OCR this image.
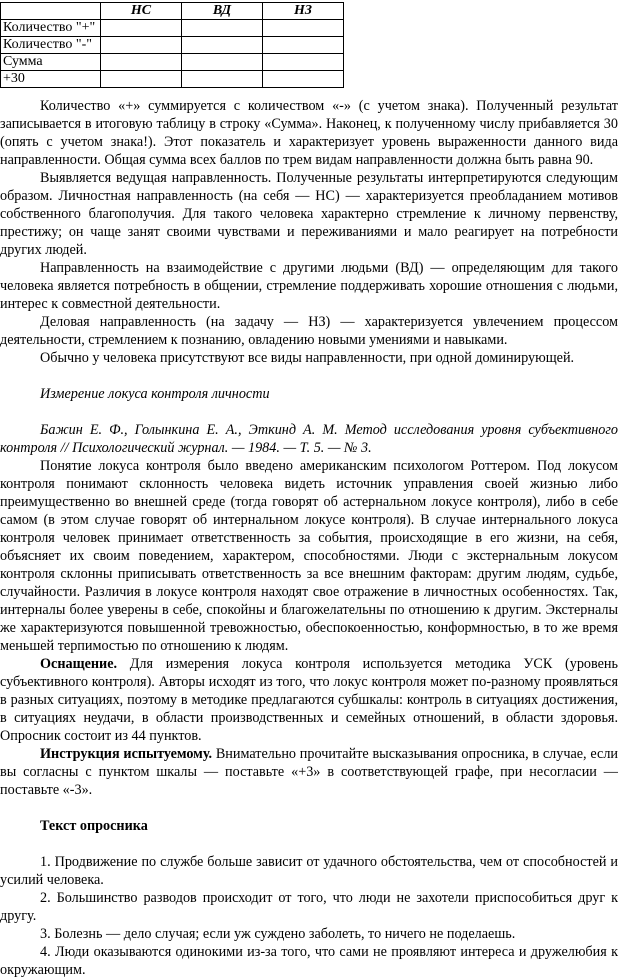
	НС	ВД	НЗ
Количество "+"			
Количество "-"			
Сумма			
+30			

Количество «+» суммируется с количеством «-» (с учетом знака). Полученный результат записывается в итоговую таблицу в строку «Сумма». Наконец, к полученному числу прибавляется 30 (опять с учетом знака!). Этот показатель и характеризует уровень выраженности данного вида направленности. Общая сумма всех баллов по трем видам направленности должна быть равна 90.

Выявляется ведущая направленность. Полученные результаты интерпретируются следующим образом. Личностная направленность (на себя — НС) — характеризуется преобладанием мотивов собственного благополучия. Для такого человека характерно стремление к личному первенству, престижу; он чаще занят своими чувствами и переживаниями и мало реагирует на потребности других людей.

Направленность на взаимодействие с другими людьми (ВД) — определяющим для такого человека является потребность в общении, стремление поддерживать хорошие отношения с людьми, интерес к совместной деятельности.

Деловая направленность (на задачу — НЗ) — характеризуется увлечением процессом деятельности, стремлением к познанию, овладению новыми умениями и навыками.

Обычно у человека присутствуют все виды направленности, при одной доминирующей.

Измерение локуса контроля личности

Бажин Е. Ф., Голынкина Е. А., Эткинд А. М. Метод исследования уровня субъективного контроля // Психологический журнал. — 1984. — Т. 5. — № 3.

Понятие локуса контроля было введено американским психологом Роттером. Под локусом контроля понимают склонность человека видеть источник управления своей жизнью либо преимущественно во внешней среде (тогда говорят об астернальном локусе контроля), либо в себе самом (в этом случае говорят об интернальном локусе контроля). В случае интернального локуса контроля человек принимает ответственность за события, происходящие в его жизни, на себя, объясняет их своим поведением, характером, способностями. Люди с экстернальным локусом контроля склонны приписывать ответственность за все внешним факторам: другим людям, судьбе, случайности. Различия в локусе контроля находят свое отражение в личностных особенностях. Так, интерналы более уверены в себе, спокойны и благожелательны по отношению к другим. Экстерналы же характеризуются повышенной тревожностью, обеспокоенностью, конформностью, в то же время меньшей терпимостью по отношению к людям.

Оснащение. Для измерения локуса контроля используется методика УСК (уровень субъективного контроля). Авторы исходят из того, что локус контроля может по-разному проявляться в разных ситуациях, поэтому в методике предлагаются субшкалы: контроль в ситуациях достижения, в ситуациях неудачи, в области производственных и семейных отношений, в области здоровья. Опросник состоит из 44 пунктов.

Инструкция испытуемому. Внимательно прочитайте высказывания опросника, в случае, если вы согласны с пунктом шкалы — поставьте «+3» в соответствующей графе, при несогласии — поставьте «-3».

Текст опросника

1. Продвижение по службе больше зависит от удачного обстоятельства, чем от способностей и усилий человека.

2. Большинство разводов происходит от того, что люди не захотели приспособиться друг к другу.

3. Болезнь — дело случая; если уж суждено заболеть, то ничего не поделаешь.

4. Люди оказываются одинокими из-за того, что сами не проявляют интереса и дружелюбия к окружающим.
